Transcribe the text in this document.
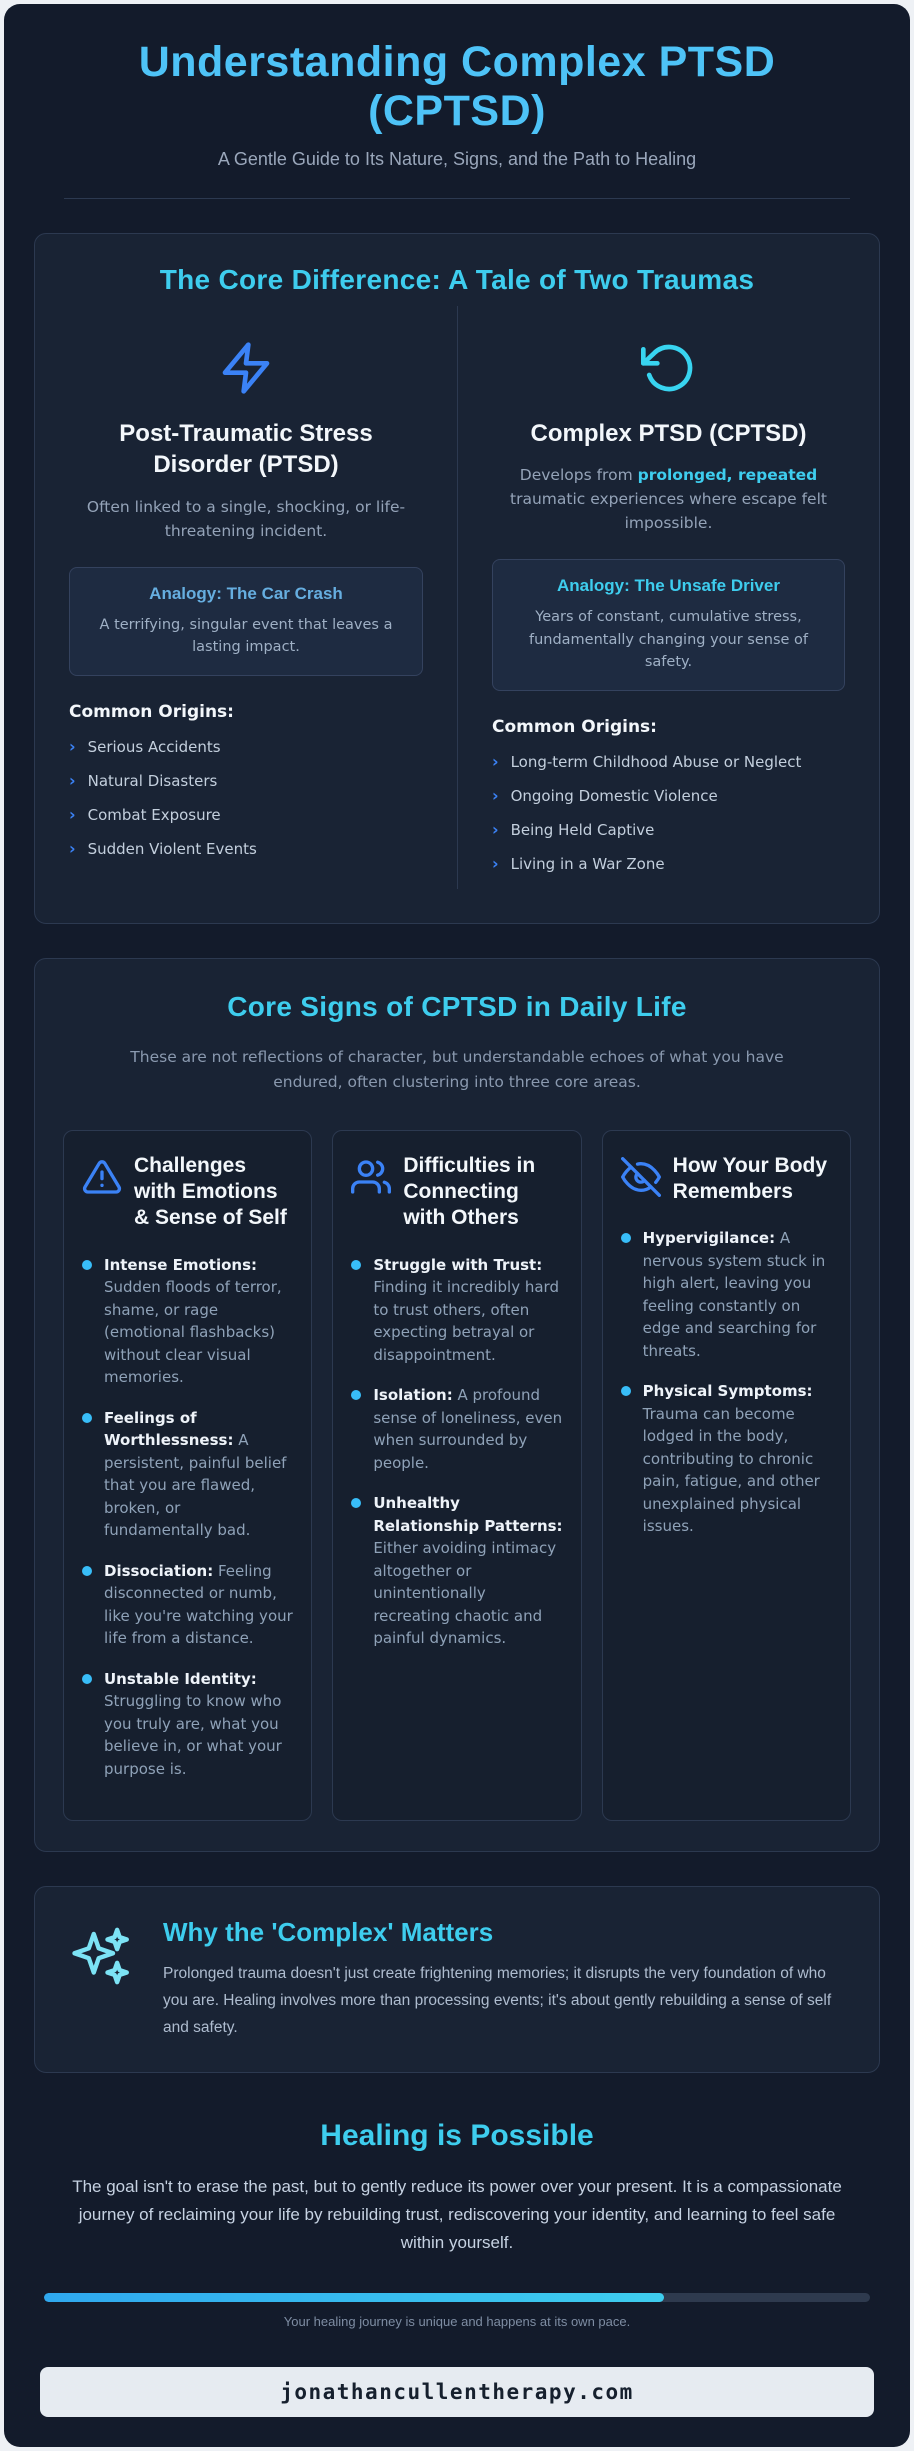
Understanding Complex PTSD (CPTSD)
A Gentle Guide to Its Nature, Signs, and the Path to Healing
The Core Difference: A Tale of Two Traumas
Post-Traumatic Stress Disorder (PTSD)

Often linked to a single, shocking, or life-threatening incident.

Analogy: The Car Crash
A terrifying, singular event that leaves a lasting impact.
Common Origins:
› Serious Accidents
› Natural Disasters
› Combat Exposure
› Sudden Violent Events
Complex PTSD (CPTSD)

Develops from prolonged, repeated traumatic experiences where escape felt impossible.

Analogy: The Unsafe Driver
Years of constant, cumulative stress, fundamentally changing your sense of safety.
Common Origins:
› Long-term Childhood Abuse or Neglect
› Ongoing Domestic Violence
› Being Held Captive
› Living in a War Zone
Core Signs of CPTSD in Daily Life

These are not reflections of character, but understandable echoes of what you have endured, often clustering into three core areas.

Challenges with Emotions & Sense of Self
Intense Emotions: Sudden floods of terror, shame, or rage (emotional flashbacks) without clear visual memories.
Feelings of Worthlessness: A persistent, painful belief that you are flawed, broken, or fundamentally bad.
Dissociation: Feeling disconnected or numb, like you're watching your life from a distance.
Unstable Identity: Struggling to know who you truly are, what you believe in, or what your purpose is.
Difficulties in Connecting with Others
Struggle with Trust: Finding it incredibly hard to trust others, often expecting betrayal or disappointment.
Isolation: A profound sense of loneliness, even when surrounded by people.
Unhealthy Relationship Patterns: Either avoiding intimacy altogether or unintentionally recreating chaotic and painful dynamics.
How Your Body Remembers
Hypervigilance: A nervous system stuck in high alert, leaving you feeling constantly on edge and searching for threats.
Physical Symptoms: Trauma can become lodged in the body, contributing to chronic pain, fatigue, and other unexplained physical issues.
Why the 'Complex' Matters

Prolonged trauma doesn't just create frightening memories; it disrupts the very foundation of who you are. Healing involves more than processing events; it's about gently rebuilding a sense of self and safety.

Healing is Possible

The goal isn't to erase the past, but to gently reduce its power over your present. It is a compassionate journey of reclaiming your life by rebuilding trust, rediscovering your identity, and learning to feel safe within yourself.

Your healing journey is unique and happens at its own pace.
jonathancullentherapy.com
